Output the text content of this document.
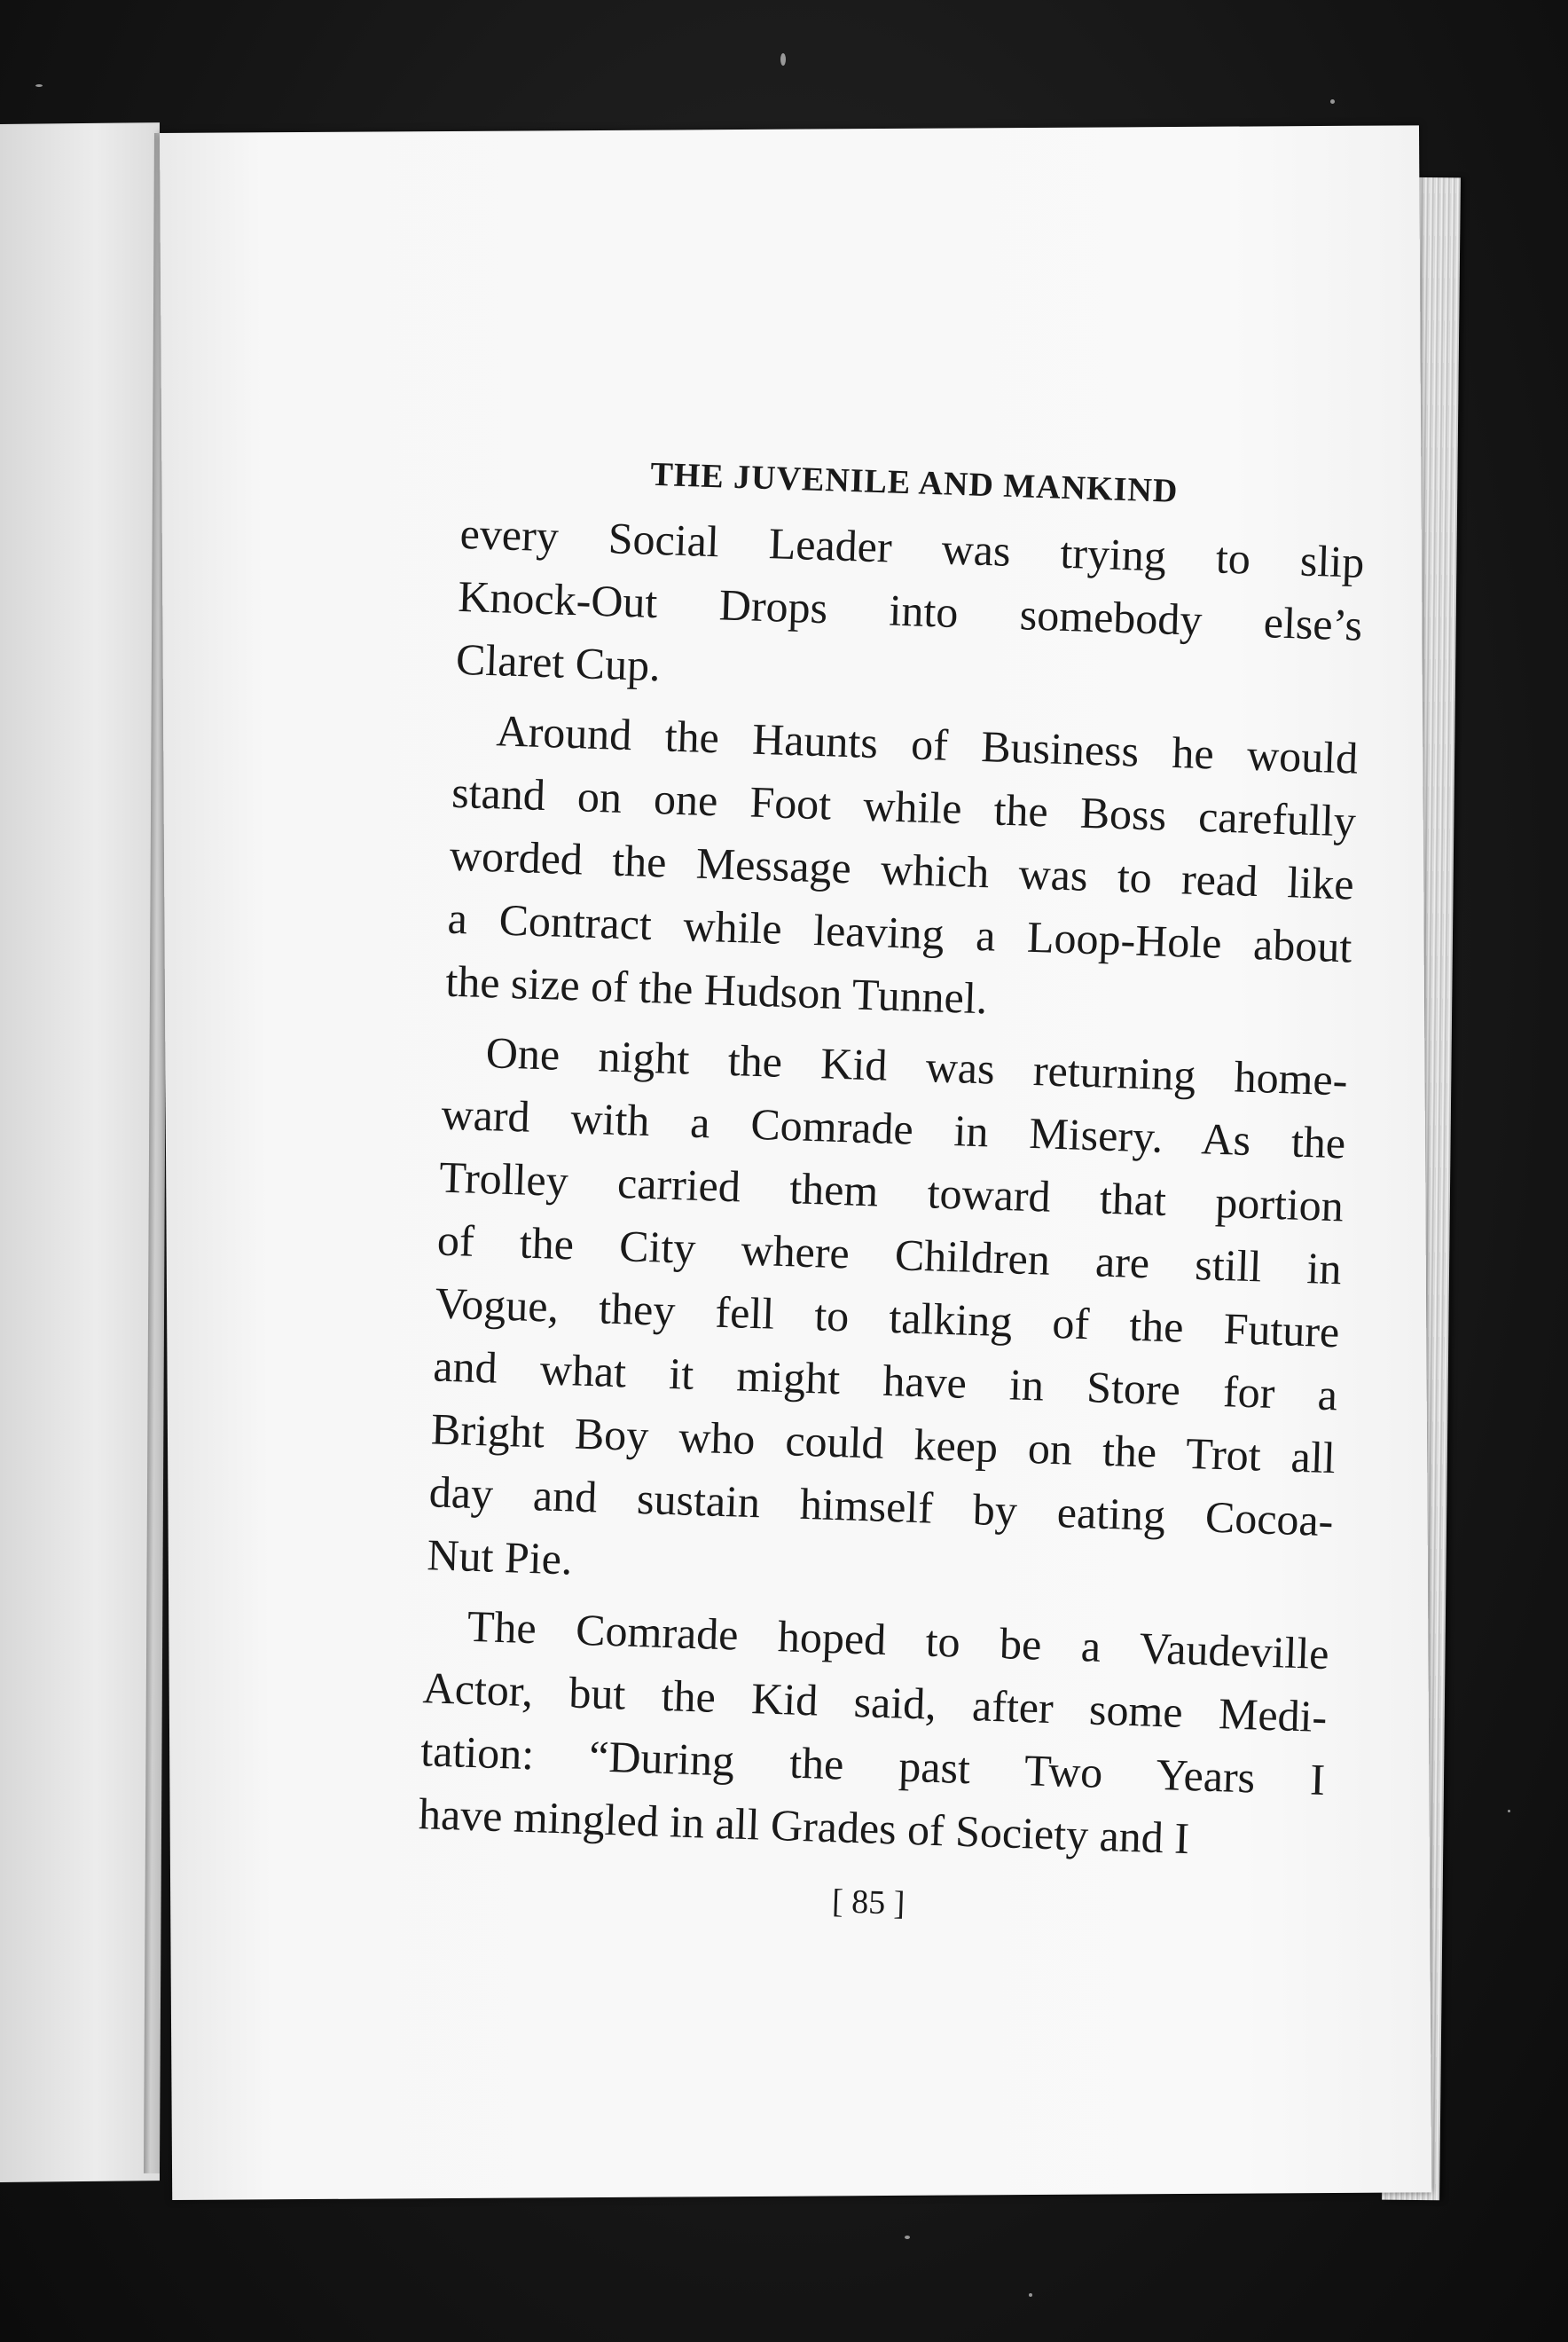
THE JUVENILE AND MANKIND
every Social Leader was trying to slip
Knock-Out Drops into somebody else’s
Claret Cup.
Around the Haunts of Business he would
stand on one Foot while the Boss carefully
worded the Message which was to read like
a Contract while leaving a Loop-Hole about
the size of the Hudson Tunnel.
One night the Kid was returning home-
ward with a Comrade in Misery. As the
Trolley carried them toward that portion
of the City where Children are still in
Vogue, they fell to talking of the Future
and what it might have in Store for a
Bright Boy who could keep on the Trot all
day and sustain himself by eating Cocoa-
Nut Pie.
The Comrade hoped to be a Vaudeville
Actor, but the Kid said, after some Medi-
tation: “During the past Two Years I
have mingled in all Grades of Society and I
[ 85 ]
